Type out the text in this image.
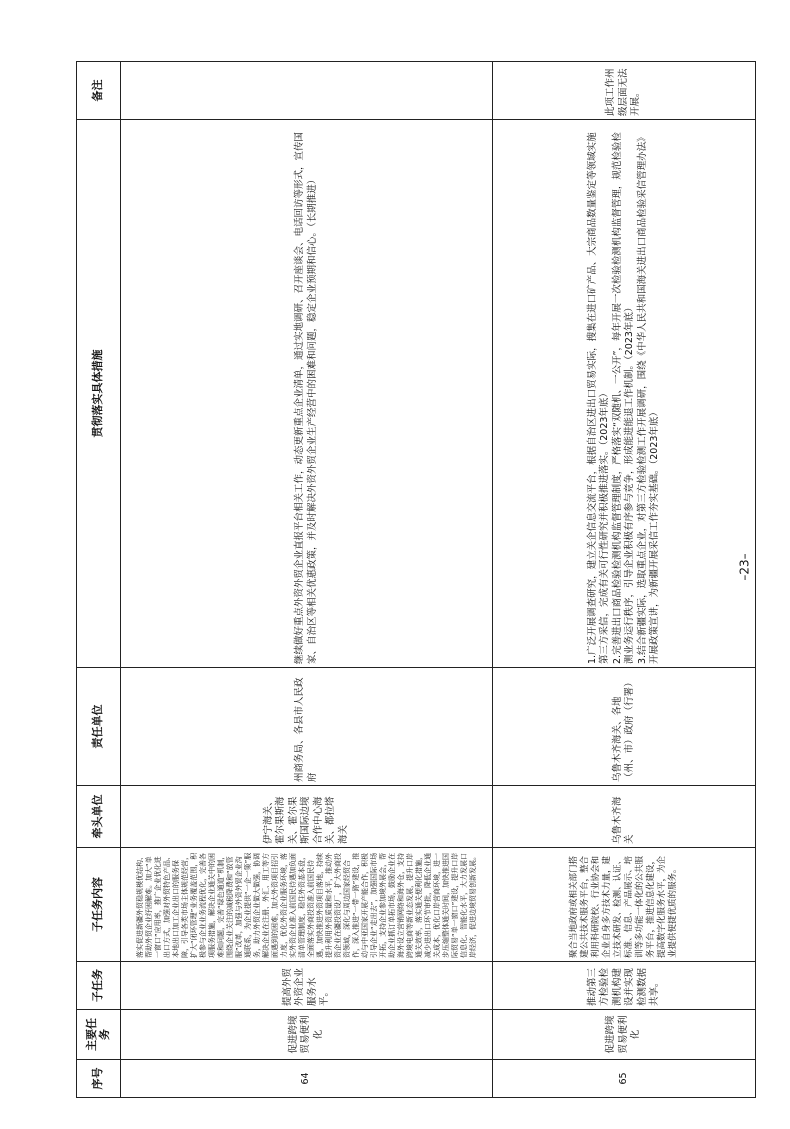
序号	主要任务	子任务	子任务内容	牵头单位	责任单位	贯彻落实具体措施	备注
64	促进跨境贸易便利化	提高外贸外资企业服务水平。	落实促进新疆外贸稳规模优结构、帮助外贸企业纾困解难。加大“单一窗口”应用率，推广企业优化进出口方式，加强对外贸特色产品、本地出口加工企业出口的服务保障，引导各类市场主体规范经营，扩大“闭环管理”业务覆盖范围，积极参与企业业务流程优化，完善各项服务措施，解决企业通关中的困难和问题，完善“绿色通道”机制，围绕企业关注的减税降费和“放管服”改革，加强与外资外贸企业沟通联系，为企业提供“一企一策”服务，助力外贸企业做大做强，协调解决企业在注册、外汇、用工等方面遇到的困难，加大外资项目招引力度，优化外资企业服务环境，落实外资企业准入前国民待遇加负面清单管理制度，稳住外资基本盘，全面落实外商投资准入前国民待遇，加快推进外资项目落地，持续提升利用外资质量和水平，推动外资企业在疆投资设厂，扩大外商投资领域，深化与周边国家经贸合作，深入推进“一带一路”建设，推动与中亚国家开展产能合作，积极引导企业“走出去”，加强国际市场开拓，支持企业参加境外展会，帮助企业抓订单拓市场，鼓励企业在海外设立营销网络和海外仓，支持跨境电商等新业态发展，提升口岸通关效率，落实通关便利化措施，减少进出口环节审批，降低企业通关成本，优化口岸营商环境，进一步压缩整体通关时间，加快推进国际贸易“单一窗口”建设，提升口岸信息化、智能化水平，大力发展口岸经济，促进边境贸易创新发展。	伊宁海关、霍尔果斯海关、霍尔果斯国际边境合作中心海关、都拉塔海关	州商务局、各县市人民政府	继续做好重点外资外贸企业直报平台相关工作，动态更新重点企业清单，通过实地调研、召开座谈会、电话回访等形式，宣传国家、自治区等相关优惠政策，并及时解决外资外贸企业生产经营中的困难和问题，稳定企业预期和信心。（长期推进）	
65	促进跨境贸易便利化	推动第三方检验检测机构建设并实现检测数据共享。	聚合当地政府或相关部门搭建公共技术服务平台，整合利用科研院校、行业协会和企业自身多方技术力量，建立技术研发、检测、认证、标准、信息、产品展示、培训等多功能一体化的公共服务平台，推进信息化建设，提高数字化服务水平，为企业提供便捷优质的服务。	乌鲁木齐海关	乌鲁木齐海关、各地（州、市）政府（行署）	1.广泛开展调查研究，建立关企信息交流平台，根据自治区进出口贸易实际，搜集在进口矿产品、大宗商品数量鉴定等领域实施第三方采信，完成有关可行性研究并积极推进落实。（2023年底）
2.完善进出口商品检验检测机构监督管理制度，严格落实“双随机、一公开”，每年开展一次检验检测机构监督管理，规范检验检测业务运行秩序，引导企业积极有序参与竞争，形成能进能退工作机制。（2023年底）
3.结合新疆实际，选取重点企业，对第三方检验检测工作开展调研，围绕《中华人民共和国海关进出口商品检验采信管理办法》开展政策宣讲，为新疆开展采信工作夯实基础。（2023年底）	此项工作州级层面无法开展。
–23–
